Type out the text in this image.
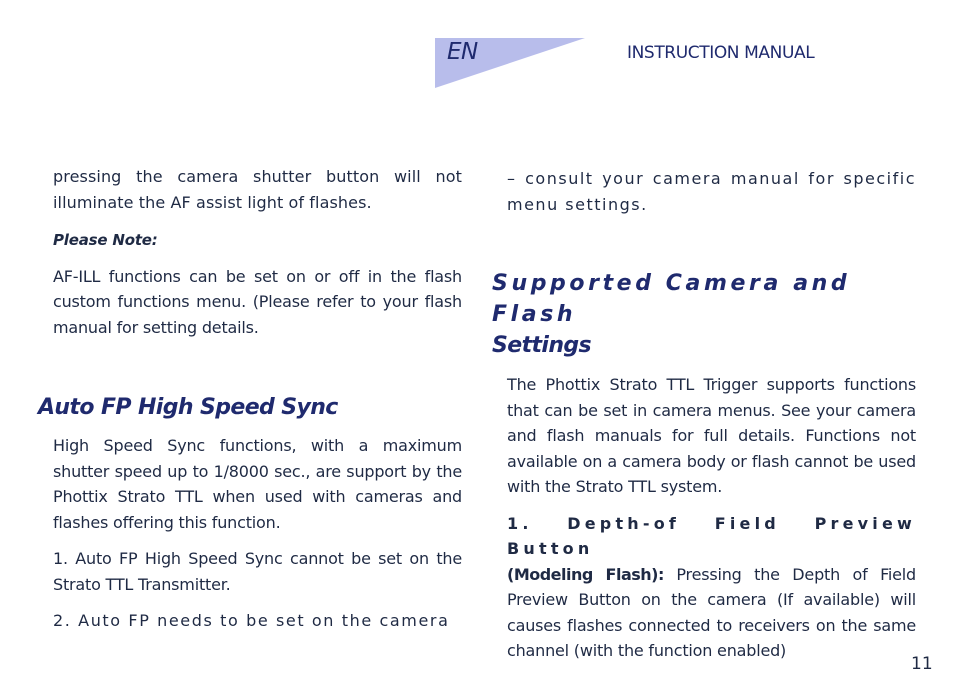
EN	INSTRUCTION MANUAL

pressing the camera shutter button will not illuminate the AF assist light of flashes.

Please Note:

AF-ILL functions can be set on or off in the flash custom functions menu. (Please refer to your flash manual for setting details.

Auto FP High Speed Sync

High Speed Sync functions, with a maximum shutter speed up to 1/8000 sec., are support by the Phottix Strato TTL when used with cameras and flashes offering this function.

1. Auto FP High Speed Sync cannot be set on the Strato TTL Transmitter.

2. Auto FP needs to be set on the camera

– consult your camera manual for specific menu settings.

Supported Camera and Flash
Settings

The Phottix Strato TTL Trigger supports functions that can be set in camera menus. See your camera and flash manuals for full details. Functions not available on a camera body or flash cannot be used with the Strato TTL system.

1. Depth-of Field Preview Button
(Modeling Flash): Pressing the Depth of Field Preview Button on the camera (If available) will causes flashes connected to receivers on the same channel (with the function enabled)

11
